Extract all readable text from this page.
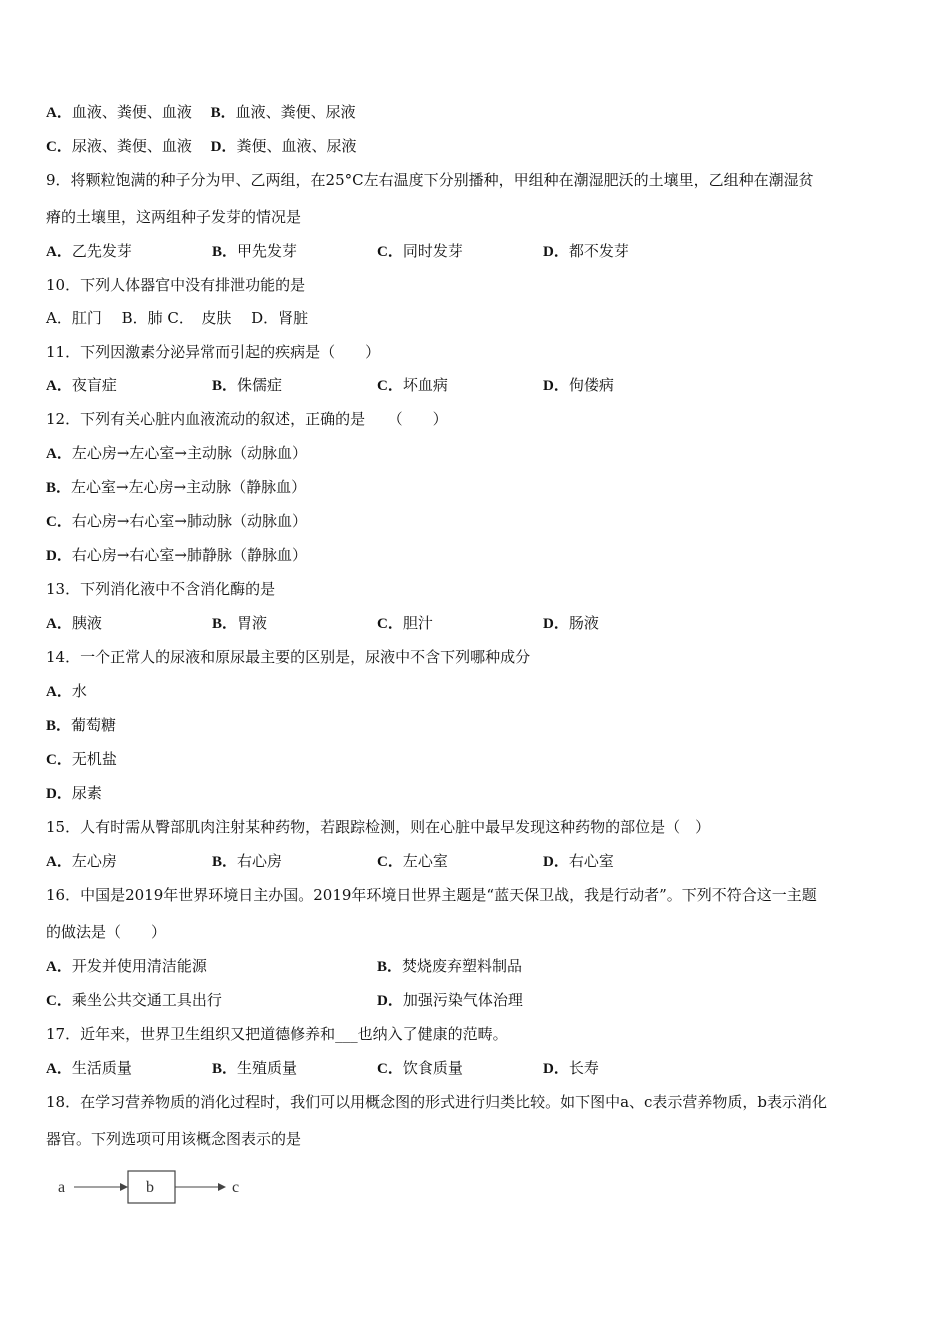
A．血液、粪便、血液 B．血液、粪便、尿液
C．尿液、粪便、血液 D．粪便、血液、尿液
9．将颗粒饱满的种子分为甲、乙两组，在25°C左右温度下分别播种，甲组种在潮湿肥沃的土壤里，乙组种在潮湿贫
瘠的土壤里，这两组种子发芽的情况是
A．乙先发芽	B．甲先发芽	C．同时发芽	D．都不发芽
10．下列人体器官中没有排泄功能的是
A．肛门　 B．肺 C．　皮肤　 D．肾脏
11．下列因激素分泌异常而引起的疾病是（　　）
A．夜盲症	B．侏儒症	C．坏血病	D．佝偻病
12．下列有关心脏内血液流动的叙述，正确的是　　（　　）
A．左心房→左心室→主动脉（动脉血）
B．左心室→左心房→主动脉（静脉血）
C．右心房→右心室→肺动脉（动脉血）
D．右心房→右心室→肺静脉（静脉血）
13．下列消化液中不含消化酶的是
A．胰液	B．胃液	C．胆汁	D．肠液
14．一个正常人的尿液和原尿最主要的区别是，尿液中不含下列哪种成分
A．水
B．葡萄糖
C．无机盐
D．尿素
15．人有时需从臀部肌肉注射某种药物，若跟踪检测，则在心脏中最早发现这种药物的部位是（　）
A．左心房	B．右心房	C．左心室	D．右心室
16．中国是2019年世界环境日主办国。2019年环境日世界主题是“蓝天保卫战，我是行动者”。下列不符合这一主题
的做法是（　　）
A．开发并使用清洁能源	B．焚烧废弃塑料制品
C．乘坐公共交通工具出行	D．加强污染气体治理
17．近年来，世界卫生组织又把道德修养和___也纳入了健康的范畴。
A．生活质量	B．生殖质量	C．饮食质量	D．长寿
18．在学习营养物质的消化过程时，我们可以用概念图的形式进行归类比较。如下图中a、c表示营养物质，b表示消化
器官。下列选项可用该概念图表示的是
a	b	c
